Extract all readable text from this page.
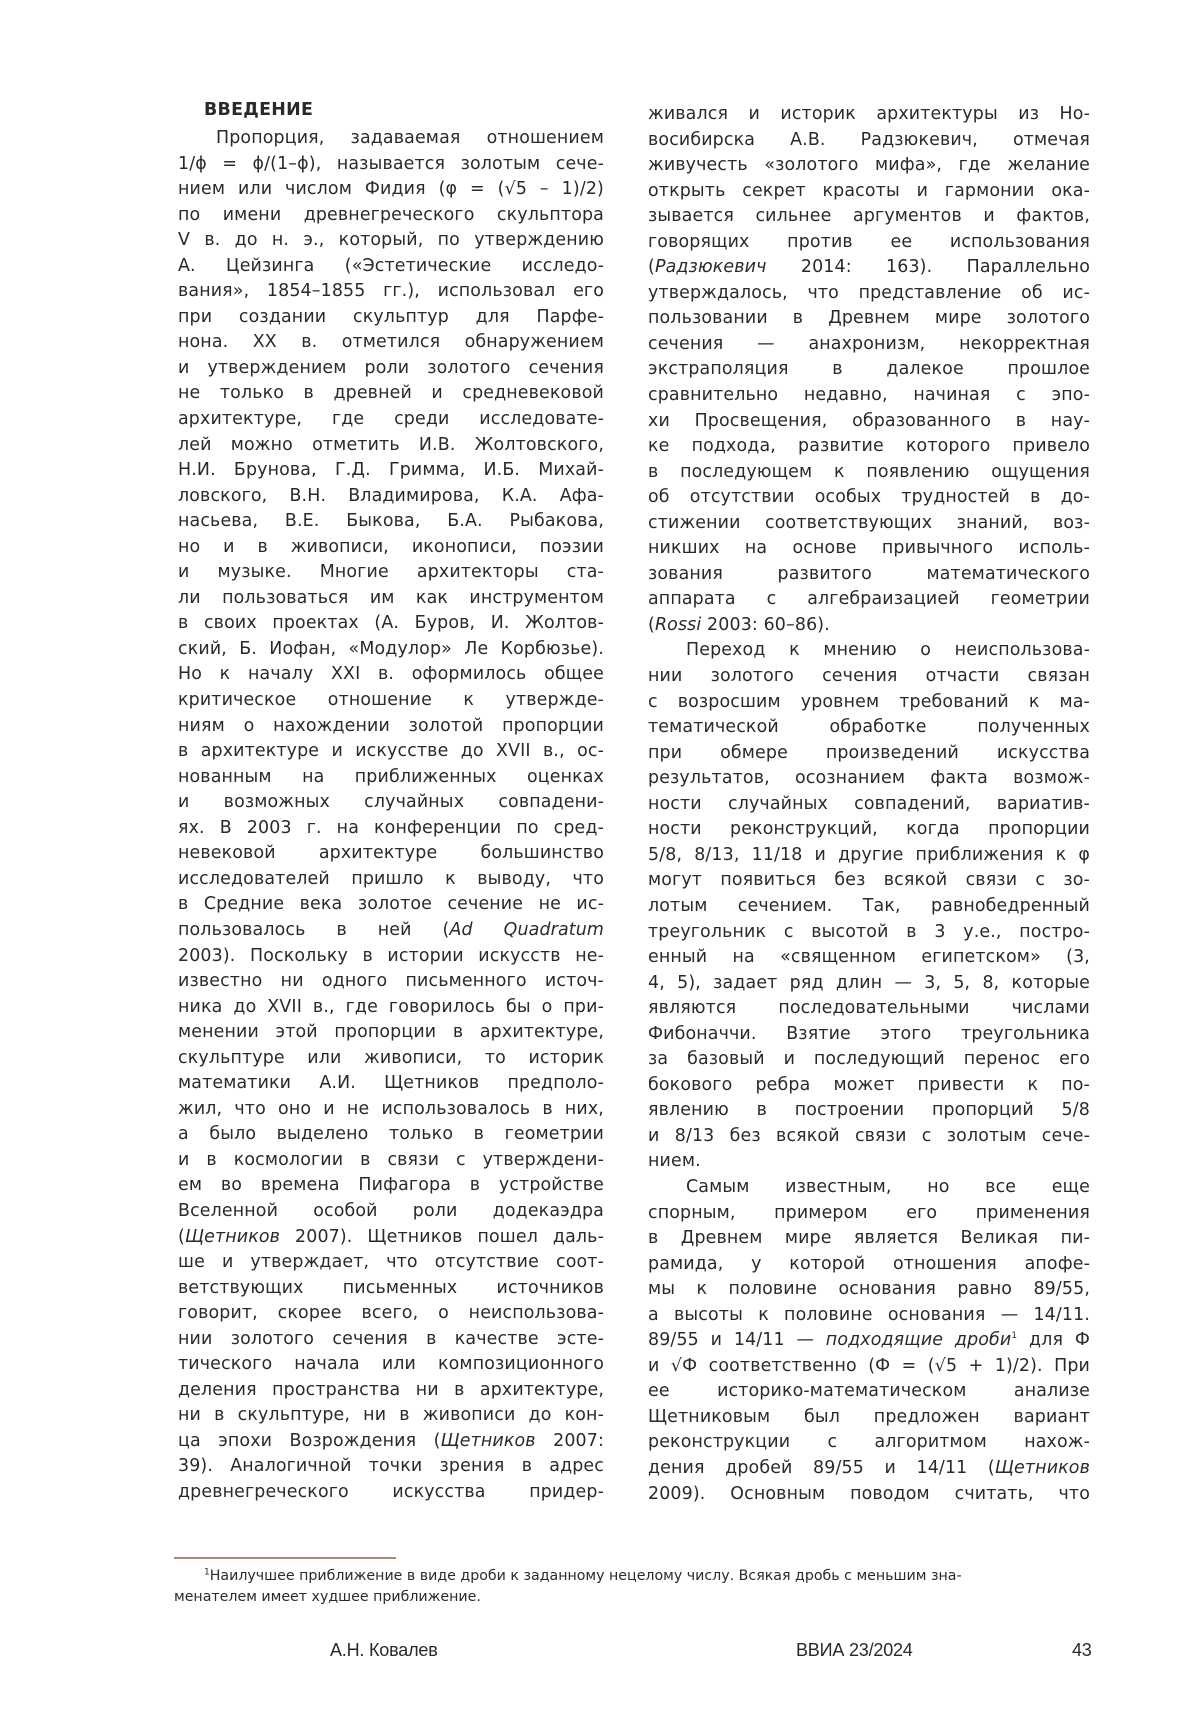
ВВЕДЕНИЕ
Пропорция, задаваемая отношением
1/ϕ = ϕ/(1–ϕ), называется золотым сече-
нием или числом Фидия (φ = (√5 – 1)/2)
по имени древнегреческого скульптора
V в. до н. э., который, по утверждению
А. Цейзинга («Эстетические исследо-
вания», 1854–1855 гг.), использовал его
при создании скульптур для Парфе-
нона. XX в. отметился обнаружением
и утверждением роли золотого сечения
не только в древней и средневековой
архитектуре, где среди исследовате-
лей можно отметить И.В. Жолтовского,
Н.И. Брунова, Г.Д. Гримма, И.Б. Михай-
ловского, В.Н. Владимирова, К.А. Афа-
насьева, В.Е. Быкова, Б.А. Рыбакова,
но и в живописи, иконописи, поэзии
и музыке. Многие архитекторы ста-
ли пользоваться им как инструментом
в своих проектах (А. Буров, И. Жолтов-
ский, Б. Иофан, «Модулор» Ле Корбюзье).
Но к началу XXI в. оформилось общее
критическое отношение к утвержде-
ниям о нахождении золотой пропорции
в архитектуре и искусстве до XVII в., ос-
нованным на приближенных оценках
и возможных случайных совпадени-
ях. В 2003 г. на конференции по сред-
невековой архитектуре большинство
исследователей пришло к выводу, что
в Средние века золотое сечение не ис-
пользовалось в ней (Ad Quadratum
2003). Поскольку в истории искусств не-
известно ни одного письменного источ-
ника до XVII в., где говорилось бы о при-
менении этой пропорции в архитектуре,
скульптуре или живописи, то историк
математики А.И. Щетников предполо-
жил, что оно и не использовалось в них,
а было выделено только в геометрии
и в космологии в связи с утверждени-
ем во времена Пифагора в устройстве
Вселенной особой роли додекаэдра
(Щетников 2007). Щетников пошел даль-
ше и утверждает, что отсутствие соот-
ветствующих письменных источников
говорит, скорее всего, о неиспользова-
нии золотого сечения в качестве эсте-
тического начала или композиционного
деления пространства ни в архитектуре,
ни в скульптуре, ни в живописи до кон-
ца эпохи Возрождения (Щетников 2007:
39). Аналогичной точки зрения в адрес
древнегреческого искусства придер-
живался и историк архитектуры из Но-
восибирска А.В. Радзюкевич, отмечая
живучесть «золотого мифа», где желание
открыть секрет красоты и гармонии ока-
зывается сильнее аргументов и фактов,
говорящих против ее использования
(Радзюкевич 2014: 163). Параллельно
утверждалось, что представление об ис-
пользовании в Древнем мире золотого
сечения — анахронизм, некорректная
экстраполяция в далекое прошлое
сравнительно недавно, начиная с эпо-
хи Просвещения, образованного в нау-
ке подхода, развитие которого привело
в последующем к появлению ощущения
об отсутствии особых трудностей в до-
стижении соответствующих знаний, воз-
никших на основе привычного исполь-
зования развитого математического
аппарата с алгебраизацией геометрии
(Rossi 2003: 60–86).
Переход к мнению о неиспользова-
нии золотого сечения отчасти связан
с возросшим уровнем требований к ма-
тематической обработке полученных
при обмере произведений искусства
результатов, осознанием факта возмож-
ности случайных совпадений, вариатив-
ности реконструкций, когда пропорции
5/8, 8/13, 11/18 и другие приближения к φ
могут появиться без всякой связи с зо-
лотым сечением. Так, равнобедренный
треугольник с высотой в 3 у.е., постро-
енный на «священном египетском» (3,
4, 5), задает ряд длин — 3, 5, 8, которые
являются последовательными числами
Фибоначчи. Взятие этого треугольника
за базовый и последующий перенос его
бокового ребра может привести к по-
явлению в построении пропорций 5/8
и 8/13 без всякой связи с золотым сече-
нием.
Самым известным, но все еще
спорным, примером его применения
в Древнем мире является Великая пи-
рамида, у которой отношения апофе-
мы к половине основания равно 89/55,
а высоты к половине основания — 14/11.
89/55 и 14/11 — подходящие дроби$^1$ для Ф
и √Ф соответственно (Ф = (√5 + 1)/2). При
ее историко-математическом анализе
Щетниковым был предложен вариант
реконструкции с алгоритмом нахож-
дения дробей 89/55 и 14/11 (Щетников
2009). Основным поводом считать, что
$^1$Наилучшее приближение в виде дроби к заданному нецелому числу. Всякая дробь с меньшим зна-
менателем имеет худшее приближение.
А.Н. Ковалев	ВВИА 23/2024	43
